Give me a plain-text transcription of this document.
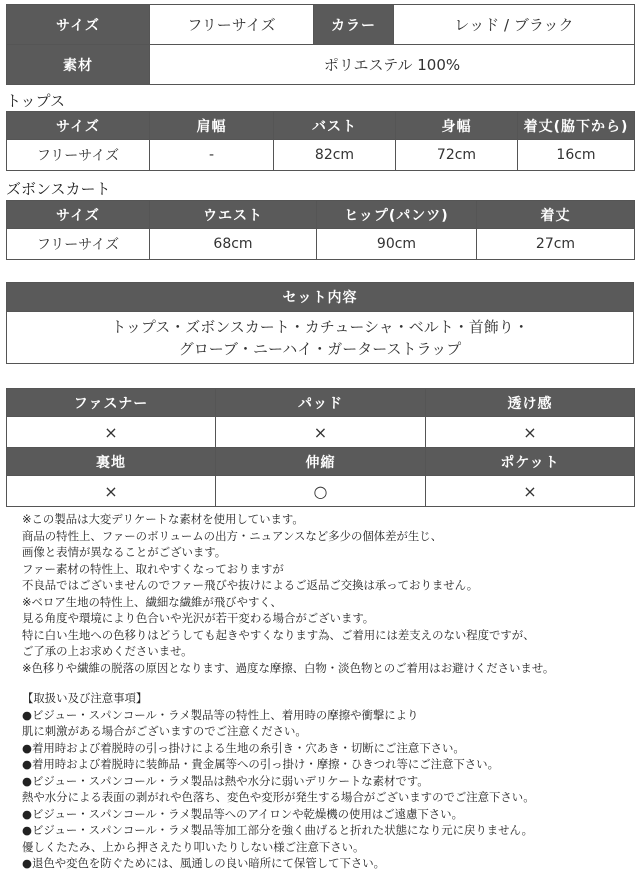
サイズ	フリーサイズ	カラー	レッド / ブラック
素材	ポリエステル 100%		
トップス
サイズ	肩幅	バスト	身幅	着丈(脇下から)
フリーサイズ	-	82cm	72cm	16cm
ズボンスカート
サイズ	ウエスト	ヒップ(パンツ)	着丈
フリーサイズ	68cm	90cm	27cm
セット内容

トップス・ズボンスカート・カチューシャ・ベルト・首飾り・
グローブ・ニーハイ・ガーターストラップ
ファスナー	パッド	透け感
×	×	×
裏地	伸縮	ポケット
×	○	×
※この製品は大変デリケートな素材を使用しています。
商品の特性上、ファーのボリュームの出方・ニュアンスなど多少の個体差が生じ、
画像と表情が異なることがございます。
ファー素材の特性上、取れやすくなっておりますが
不良品ではございませんのでファー飛びや抜けによるご返品ご交換は承っておりません。
※ベロア生地の特性上、繊細な繊維が飛びやすく、
見る角度や環境により色合いや光沢が若干変わる場合がございます。
特に白い生地への色移りはどうしても起きやすくなります為、ご着用には差支えのない程度ですが、
ご了承の上お求めくださいませ。
※色移りや繊維の脱落の原因となります、過度な摩擦、白物・淡色物とのご着用はお避けくださいませ。
【取扱い及び注意事項】
●ビジュー・スパンコール・ラメ製品等の特性上、着用時の摩擦や衝撃により
肌に刺激がある場合がございますのでご注意ください。
●着用時および着脱時の引っ掛けによる生地の糸引き・穴あき・切断にご注意下さい。
●着用時および着脱時に装飾品・貴金属等への引っ掛け・摩擦・ひきつれ等にご注意下さい。
●ビジュー・スパンコール・ラメ製品は熱や水分に弱いデリケートな素材です。
熱や水分による表面の剥がれや色落ち、変色や変形が発生する場合がございますのでご注意下さい。
●ビジュー・スパンコール・ラメ製品等へのアイロンや乾燥機の使用はご遠慮下さい。
●ビジュー・スパンコール・ラメ製品等加工部分を強く曲げると折れた状態になり元に戻りません。
優しくたたみ、上から押さえたり叩いたりしない様ご注意下さい。
●退色や変色を防ぐためには、風通しの良い暗所にて保管して下さい。
